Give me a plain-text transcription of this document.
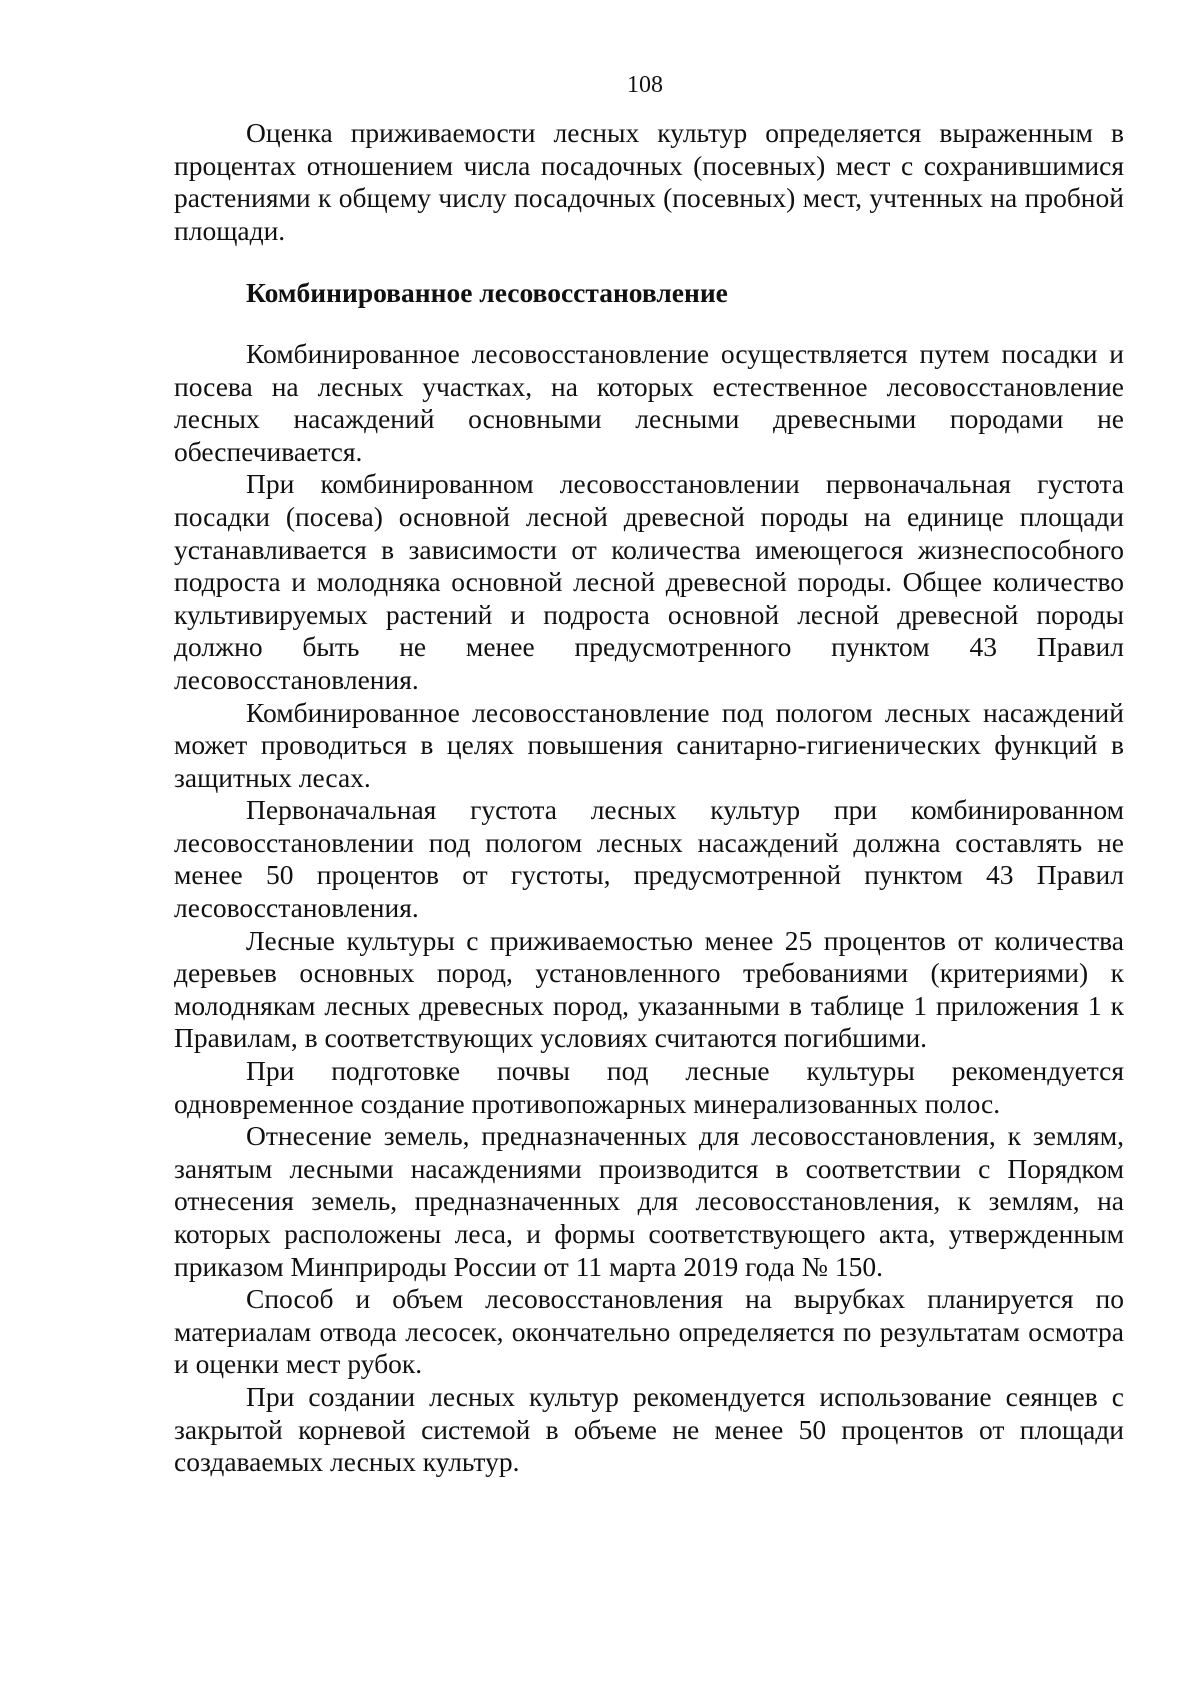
108

Оценка приживаемости лесных культур определяется выраженным в процентах отношением числа посадочных (посевных) мест с сохранившимися растениями к общему числу посадочных (посевных) мест, учтенных на пробной площади.

Комбинированное лесовосстановление

Комбинированное лесовосстановление осуществляется путем посадки и посева на лесных участках, на которых естественное лесовосстановление лесных насаждений основными лесными древесными породами не обеспечивается.

При комбинированном лесовосстановлении первоначальная густота посадки (посева) основной лесной древесной породы на единице площади устанавливается в зависимости от количества имеющегося жизнеспособного подроста и молодняка основной лесной древесной породы. Общее количество культивируемых растений и подроста основной лесной древесной породы должно быть не менее предусмотренного пунктом 43 Правил лесовосстановления.

Комбинированное лесовосстановление под пологом лесных насаждений может проводиться в целях повышения санитарно-гигиенических функций в защитных лесах.

Первоначальная густота лесных культур при комбинированном лесовосстановлении под пологом лесных насаждений должна составлять не менее 50 процентов от густоты, предусмотренной пунктом 43 Правил лесовосстановления.

Лесные культуры с приживаемостью менее 25 процентов от количества деревьев основных пород, установленного требованиями (критериями) к молоднякам лесных древесных пород, указанными в таблице 1 приложения 1 к Правилам, в соответствующих условиях считаются погибшими.

При подготовке почвы под лесные культуры рекомендуется одновременное создание противопожарных минерализованных полос.

Отнесение земель, предназначенных для лесовосстановления, к землям, занятым лесными насаждениями производится в соответствии с Порядком отнесения земель, предназначенных для лесовосстановления, к землям, на которых расположены леса, и формы соответствующего акта, утвержденным приказом Минприроды России от 11 марта 2019 года № 150.

Способ и объем лесовосстановления на вырубках планируется по материалам отвода лесосек, окончательно определяется по результатам осмотра и оценки мест рубок.

При создании лесных культур рекомендуется использование сеянцев с закрытой корневой системой в объеме не менее 50 процентов от площади создаваемых лесных культур.
